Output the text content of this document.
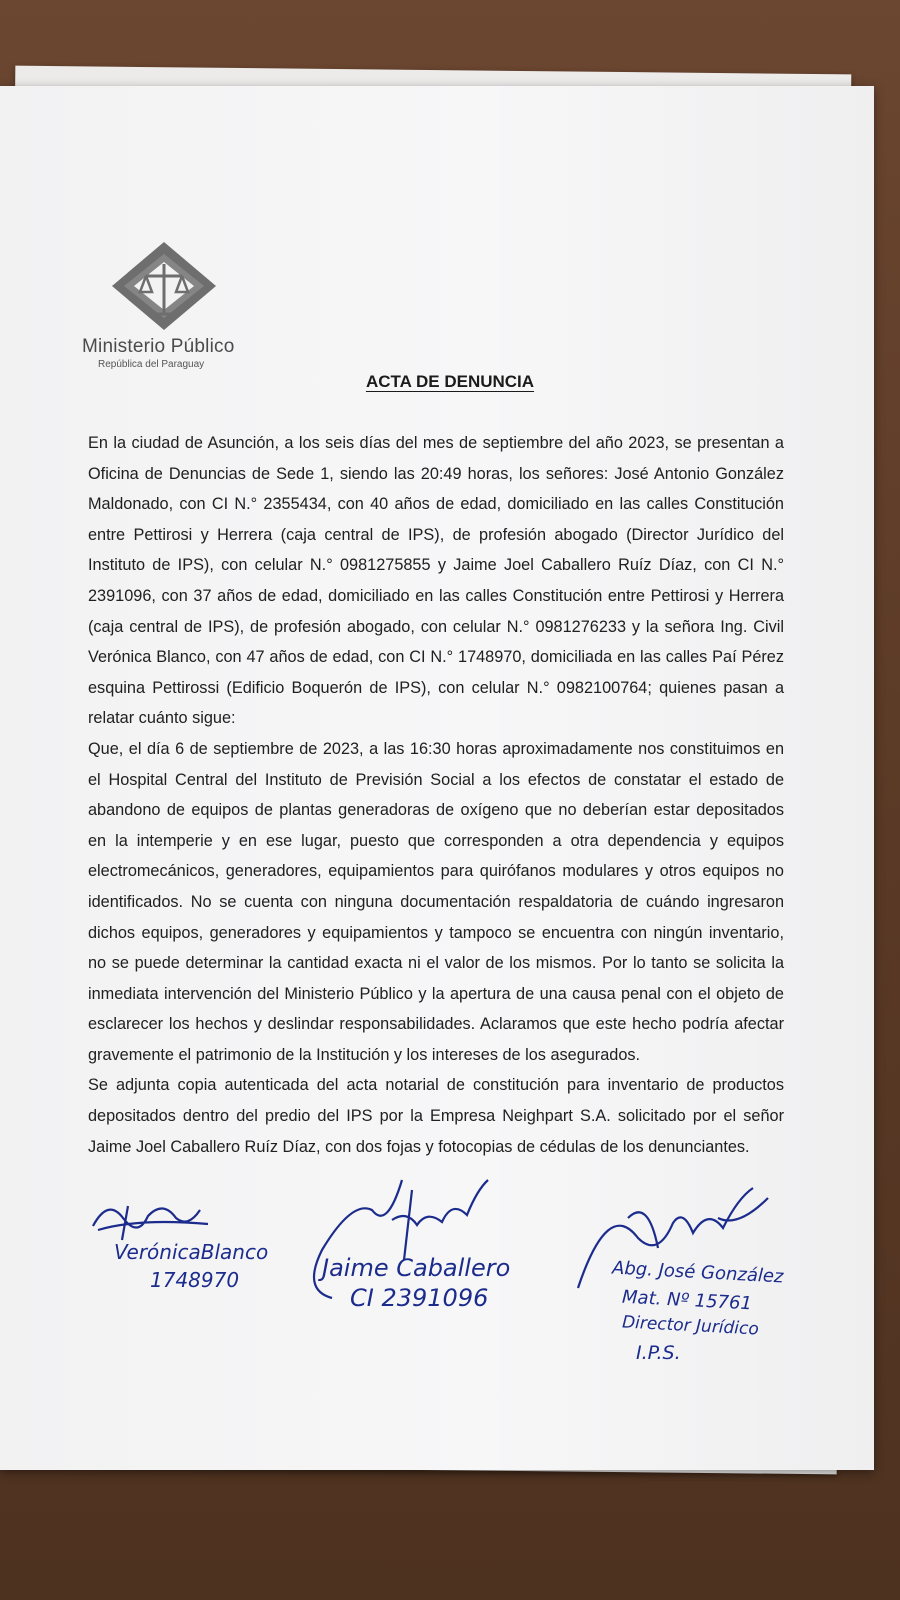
Ministerio Público
República del Paraguay
ACTA DE DENUNCIA

En la ciudad de Asunción, a los seis días del mes de septiembre del año 2023, se presentan a Oficina de Denuncias de Sede 1, siendo las 20:49 horas, los señores: José Antonio González Maldonado, con CI N.° 2355434, con 40 años de edad, domiciliado en las calles Constitución entre Pettirosi y Herrera (caja central de IPS), de profesión abogado (Director Jurídico del Instituto de IPS), con celular N.° 0981275855 y Jaime Joel Caballero Ruíz Díaz, con CI N.° 2391096, con 37 años de edad, domiciliado en las calles Constitución entre Pettirosi y Herrera (caja central de IPS), de profesión abogado, con celular N.° 0981276233 y la señora Ing. Civil Verónica Blanco, con 47 años de edad, con CI N.° 1748970, domiciliada en las calles Paí Pérez esquina Pettirossi (Edificio Boquerón de IPS), con celular N.° 0982100764; quienes pasan a relatar cuánto sigue:

Que, el día 6 de septiembre de 2023, a las 16:30 horas aproximadamente nos constituimos en el Hospital Central del Instituto de Previsión Social a los efectos de constatar el estado de abandono de equipos de plantas generadoras de oxígeno que no deberían estar depositados en la intemperie y en ese lugar, puesto que corresponden a otra dependencia y equipos electromecánicos, generadores, equipamientos para quirófanos modulares y otros equipos no identificados. No se cuenta con ninguna documentación respaldatoria de cuándo ingresaron dichos equipos, generadores y equipamientos y tampoco se encuentra con ningún inventario, no se puede determinar la cantidad exacta ni el valor de los mismos. Por lo tanto se solicita la inmediata intervención del Ministerio Público y la apertura de una causa penal con el objeto de esclarecer los hechos y deslindar responsabilidades. Aclaramos que este hecho podría afectar gravemente el patrimonio de la Institución y los intereses de los asegurados.

Se adjunta copia autenticada del acta notarial de constitución para inventario de productos depositados dentro del predio del IPS por la Empresa Neighpart S.A. solicitado por el señor Jaime Joel Caballero Ruíz Díaz, con dos fojas y fotocopias de cédulas de los denunciantes.

VerónicaBlanco
1748970	Jaime Caballero
CI 2391096
Abg. José González
Mat. Nº 15761
Director Jurídico
I.P.S.
